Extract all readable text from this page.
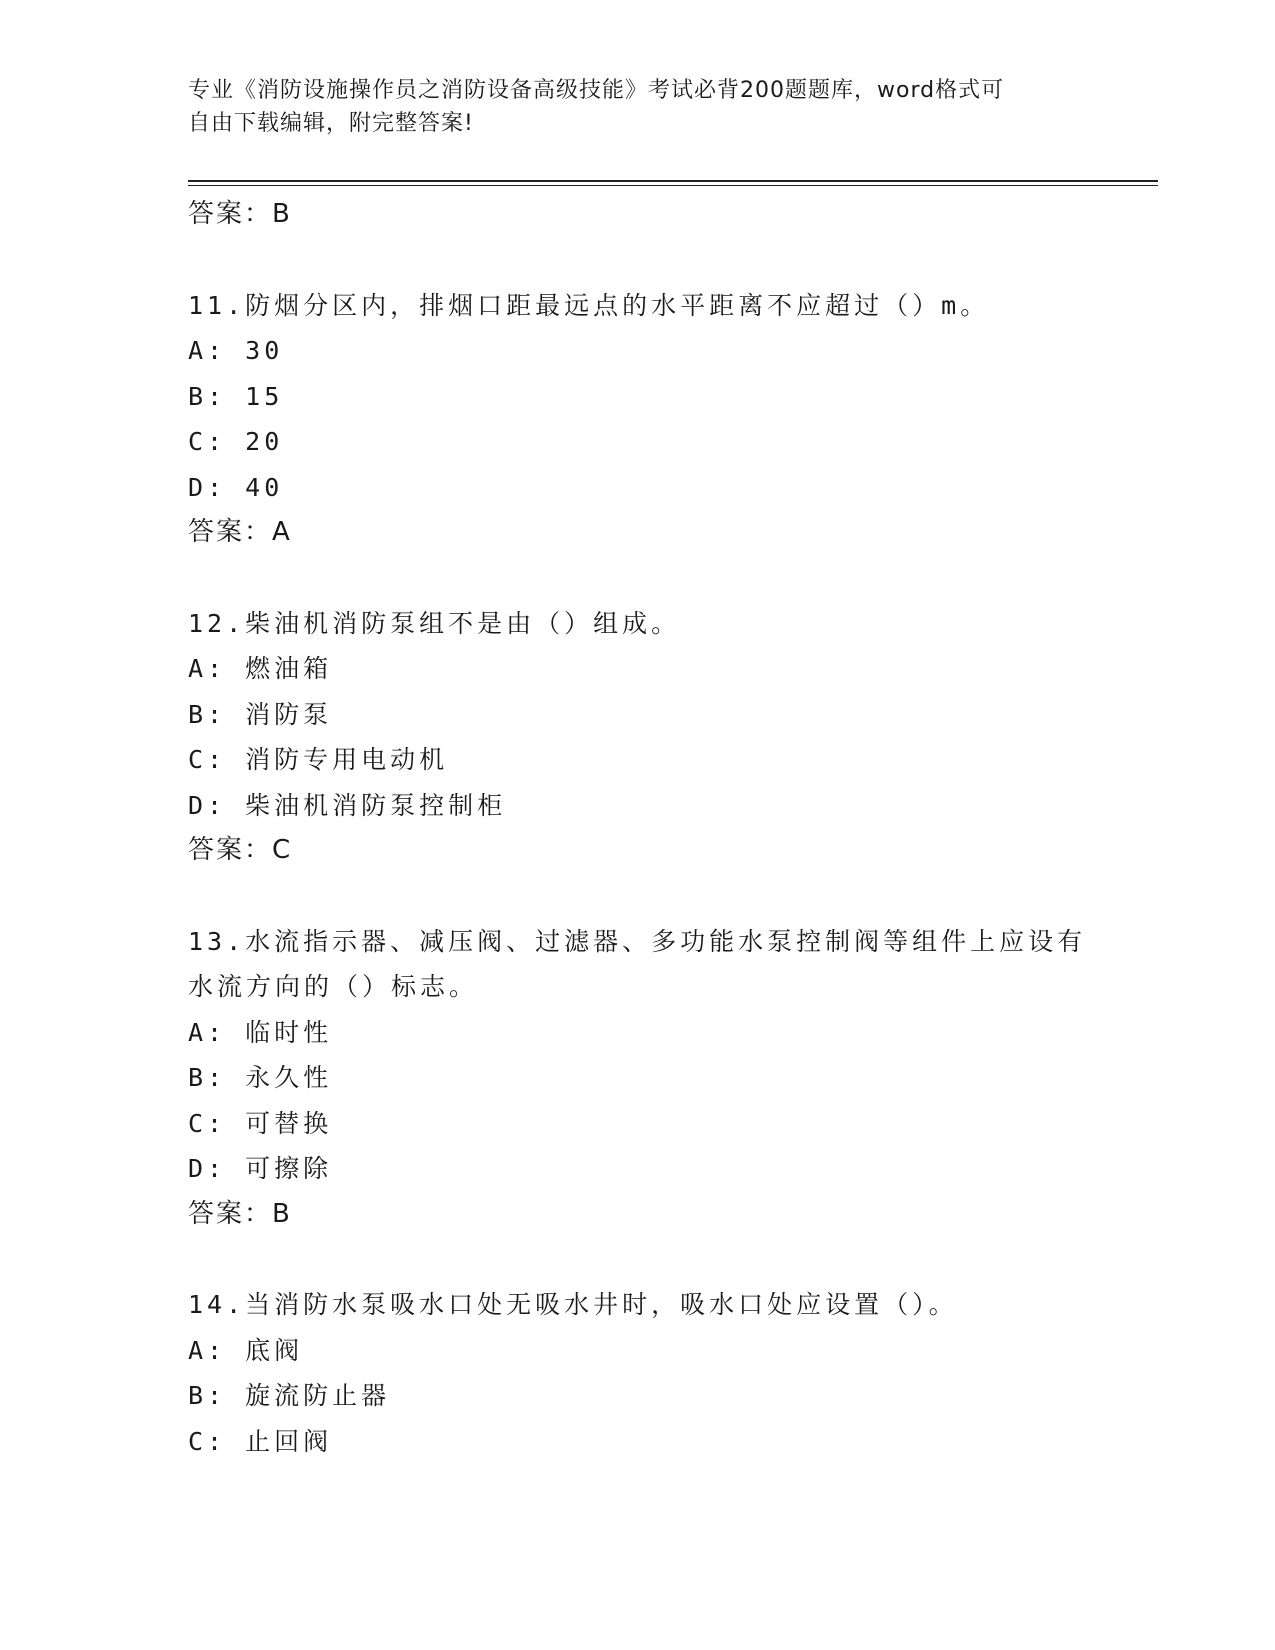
专业《消防设施操作员之消防设备高级技能》考试必背200题题库，word格式可
自由下载编辑，附完整答案!
答案：B
11.防烟分区内，排烟口距最远点的水平距离不应超过（）m。
A: 30
B: 15
C: 20
D: 40
答案：A
12.柴油机消防泵组不是由（）组成。
A: 燃油箱
B: 消防泵
C: 消防专用电动机
D: 柴油机消防泵控制柜
答案：C
13.水流指示器、减压阀、过滤器、多功能水泵控制阀等组件上应设有
水流方向的（）标志。
A: 临时性
B: 永久性
C: 可替换
D: 可擦除
答案：B
14.当消防水泵吸水口处无吸水井时，吸水口处应设置（）。
A: 底阀
B: 旋流防止器
C: 止回阀
